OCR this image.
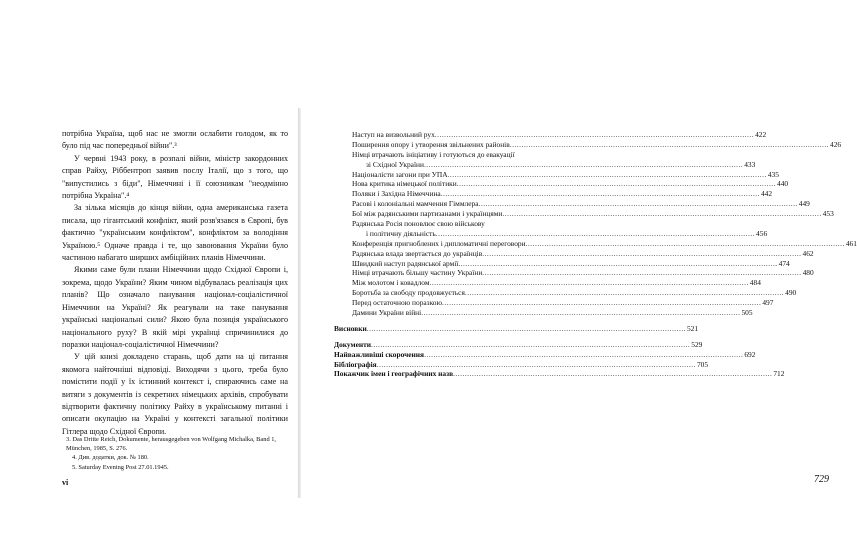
потрібна Україна, щоб нас не змогли ослабити голодом, як то було під час попередньої війни".³

У червні 1943 року, в розпалі війни, міністр закордонних справ Райху, Ріббентроп заявив послу Італії, що з того, що "випустились з біди", Німеччині і її союзникам "неодмінно потрібна Україна".⁴

За зілька місяців до кінця війни, одна американська газета писала, що гігантський конфлікт, який розв'язався в Європі, був фактично "українським конфліктом", конфліктом за володіння Україною.⁵ Одначе правда і те, що завоювання України було частиною набагато ширших амбіційних планів Німеччини.

Якими саме були плани Німеччини щодо Східної Європи і, зокрема, щодо України? Яким чином відбувалась реалізація цих планів? Що означало панування націонал-соціалістичної Німеччини на Україні? Як реагували на таке панування українські національні сили? Якою була позиція українського національного руху? В якій мірі українці спричинилися до поразки націонал-соціалістичної Німеччини?

У цій книзі докладено старань, щоб дати на ці питання якомога найточніші відповіді. Виходячи з цього, треба було помістити події у їх істинний контекст і, спираючись саме на витяги з документів із секретних німецьких архівів, спробувати відтворити фактичну політику Райху в українському питанні і описати окупацію на Україні у контексті загальної політики Гітлера щодо Східної Європи.

3. Das Dritte Reich, Dokumente, herausgegeben von Wolfgang Michalka, Band 1, München, 1985, S. 276.

4. Див. додатки, док. № 180.

5. Saturday Evening Post 27.01.1945.

vi	729
Наступ на визвольний рух .....	422
Поширення опору і утворення звільнених районів .....	426
Німці втрачають ініціативу і готуються до евакуації
зі Східної України .....	433
Націоналісти загони при УПА .....	435
Нова критика німецької політики .....	440
Поляки і Західна Німеччина .....	442
Расові і колоніальні мамчення Гіммлера .....	449
Бої між радянськими партизанами і українцями .....	453
Радянська Росія поновлює свою військову
і політичну діяльність .....	456
Конференція пригноблених і дипломатичні переговори .....	461
Радянська влада звертається до українців .....	462
Швидкий наступ радянської армії .....	474
Німці втрачають більшу частину України .....	480
Між молотом і ковадлом .....	484
Боротьба за свободу продовжується .....	490
Перед остаточною поразкою .....	497
Дамини України війні .....	505
Висновки .....	521
Документи .....	529
Найважливіші скорочення .....	692
Бібліографія .....	705
Покажчик імен і географічних назв .....	712
